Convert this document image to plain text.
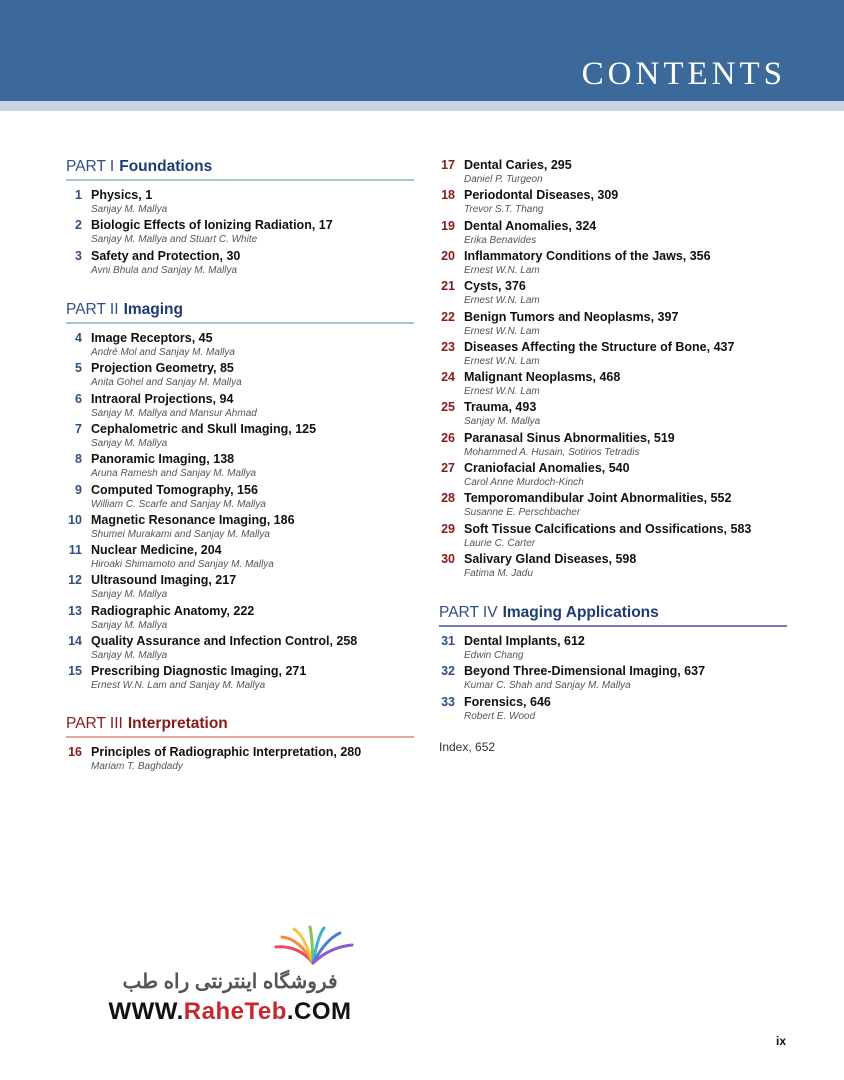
CONTENTS
PART I Foundations
1 Physics, 1
Sanjay M. Mallya
2 Biologic Effects of Ionizing Radiation, 17
Sanjay M. Mallya and Stuart C. White
3 Safety and Protection, 30
Avni Bhula and Sanjay M. Mallya
PART II Imaging
4 Image Receptors, 45
André Mol and Sanjay M. Mallya
5 Projection Geometry, 85
Anita Gohel and Sanjay M. Mallya
6 Intraoral Projections, 94
Sanjay M. Mallya and Mansur Ahmad
7 Cephalometric and Skull Imaging, 125
Sanjay M. Mallya
8 Panoramic Imaging, 138
Aruna Ramesh and Sanjay M. Mallya
9 Computed Tomography, 156
William C. Scarfe and Sanjay M. Mallya
10 Magnetic Resonance Imaging, 186
Shumei Murakami and Sanjay M. Mallya
11 Nuclear Medicine, 204
Hiroaki Shimamoto and Sanjay M. Mallya
12 Ultrasound Imaging, 217
Sanjay M. Mallya
13 Radiographic Anatomy, 222
Sanjay M. Mallya
14 Quality Assurance and Infection Control, 258
Sanjay M. Mallya
15 Prescribing Diagnostic Imaging, 271
Ernest W.N. Lam and Sanjay M. Mallya
PART III Interpretation
16 Principles of Radiographic Interpretation, 280
Mariam T. Baghdady
17 Dental Caries, 295
Daniel P. Turgeon
18 Periodontal Diseases, 309
Trevor S.T. Thang
19 Dental Anomalies, 324
Erika Benavides
20 Inflammatory Conditions of the Jaws, 356
Ernest W.N. Lam
21 Cysts, 376
Ernest W.N. Lam
22 Benign Tumors and Neoplasms, 397
Ernest W.N. Lam
23 Diseases Affecting the Structure of Bone, 437
Ernest W.N. Lam
24 Malignant Neoplasms, 468
Ernest W.N. Lam
25 Trauma, 493
Sanjay M. Mallya
26 Paranasal Sinus Abnormalities, 519
Mohammed A. Husain, Sotirios Tetradis
27 Craniofacial Anomalies, 540
Carol Anne Murdoch-Kinch
28 Temporomandibular Joint Abnormalities, 552
Susanne E. Perschbacher
29 Soft Tissue Calcifications and Ossifications, 583
Laurie C. Carter
30 Salivary Gland Diseases, 598
Fatima M. Jadu
PART IV Imaging Applications
31 Dental Implants, 612
Edwin Chang
32 Beyond Three-Dimensional Imaging, 637
Kumar C. Shah and Sanjay M. Mallya
33 Forensics, 646
Robert E. Wood
Index, 652
فروشگاه اینترنتی راه طب
WWW.RaheTeb.COM
ix
